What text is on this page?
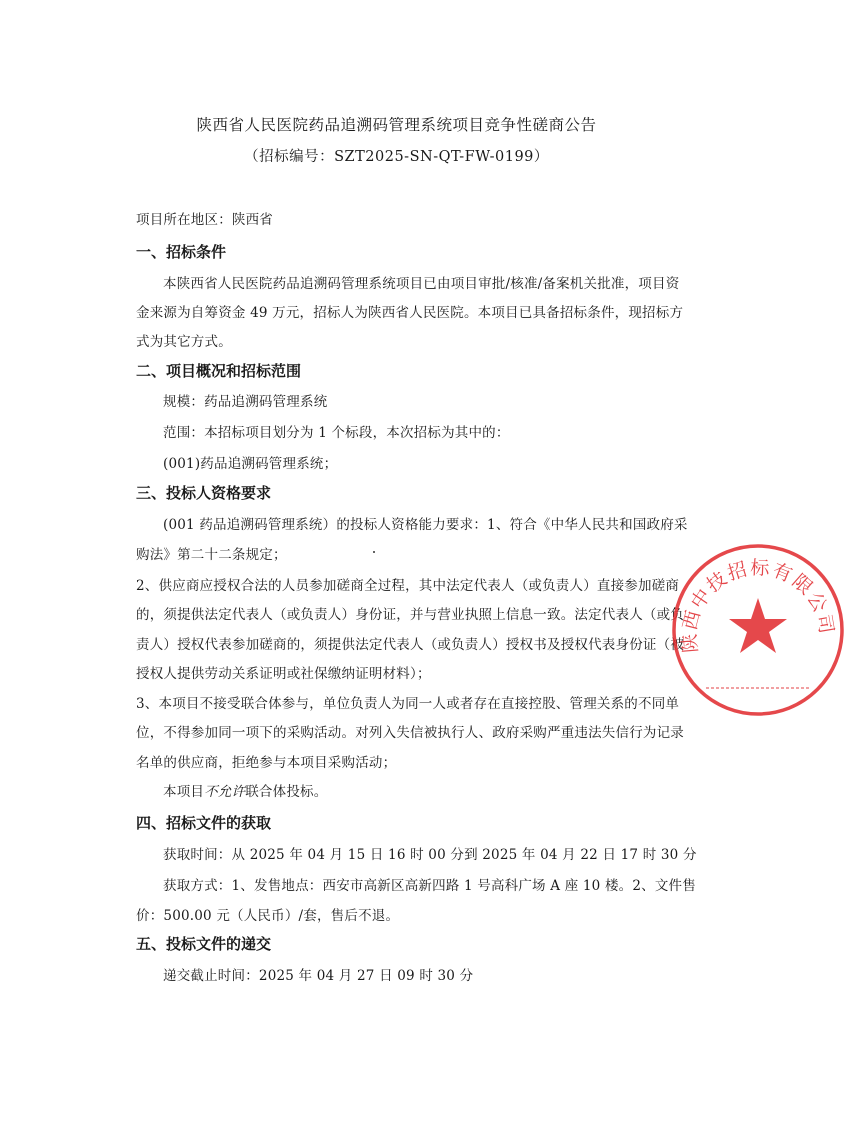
陕西省人民医院药品追溯码管理系统项目竞争性磋商公告
（招标编号：SZT2025-SN-QT-FW-0199）
项目所在地区：陕西省
一、招标条件
本陕西省人民医院药品追溯码管理系统项目已由项目审批/核准/备案机关批准，项目资
金来源为自筹资金 49 万元，招标人为陕西省人民医院。本项目已具备招标条件，现招标方
式为其它方式。
二、项目概况和招标范围
规模：药品追溯码管理系统
范围：本招标项目划分为 1 个标段，本次招标为其中的：
(001)药品追溯码管理系统；
三、投标人资格要求
(001 药品追溯码管理系统）的投标人资格能力要求：1、符合《中华人民共和国政府采
购法》第二十二条规定；
2、供应商应授权合法的人员参加磋商全过程，其中法定代表人（或负责人）直接参加磋商
的，须提供法定代表人（或负责人）身份证，并与营业执照上信息一致。法定代表人（或负
责人）授权代表参加磋商的，须提供法定代表人（或负责人）授权书及授权代表身份证（被
授权人提供劳动关系证明或社保缴纳证明材料）；
3、本项目不接受联合体参与，单位负责人为同一人或者存在直接控股、管理关系的不同单
位，不得参加同一项下的采购活动。对列入失信被执行人、政府采购严重违法失信行为记录
名单的供应商，拒绝参与本项目采购活动；
本项目不允许联合体投标。
四、招标文件的获取
获取时间：从 2025 年 04 月 15 日 16 时 00 分到 2025 年 04 月 22 日 17 时 30 分
获取方式：1、发售地点：西安市高新区高新四路 1 号高科广场 A 座 10 楼。2、文件售
价：500.00 元（人民币）/套，售后不退。
五、投标文件的递交
递交截止时间：2025 年 04 月 27 日 09 时 30 分
陕西中技招标有限公司
